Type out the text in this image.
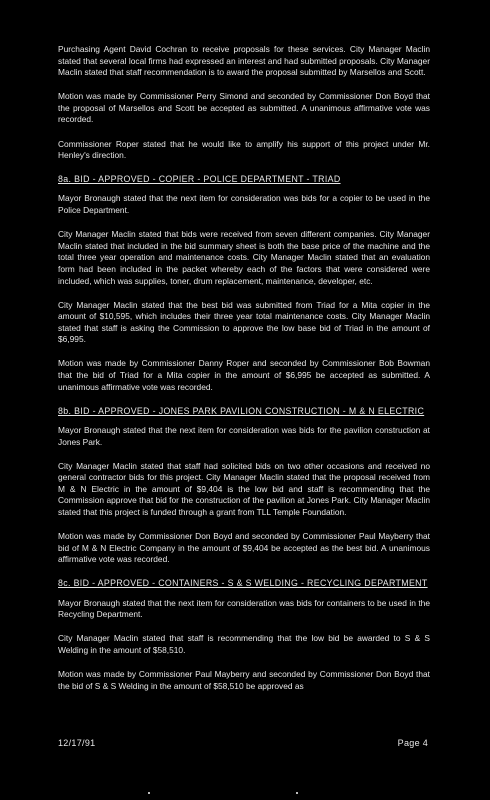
Purchasing Agent David Cochran to receive proposals for these services. City Manager Maclin stated that several local firms had expressed an interest and had submitted proposals. City Manager Maclin stated that staff recommendation is to award the proposal submitted by Marsellos and Scott.

Motion was made by Commissioner Perry Simond and seconded by Commissioner Don Boyd that the proposal of Marsellos and Scott be accepted as submitted. A unanimous affirmative vote was recorded.

Commissioner Roper stated that he would like to amplify his support of this project under Mr. Henley's direction.

8a. BID - APPROVED - COPIER - POLICE DEPARTMENT - TRIAD

Mayor Bronaugh stated that the next item for consideration was bids for a copier to be used in the Police Department.

City Manager Maclin stated that bids were received from seven different companies. City Manager Maclin stated that included in the bid summary sheet is both the base price of the machine and the total three year operation and maintenance costs. City Manager Maclin stated that an evaluation form had been included in the packet whereby each of the factors that were considered were included, which was supplies, toner, drum replacement, maintenance, developer, etc.

City Manager Maclin stated that the best bid was submitted from Triad for a Mita copier in the amount of $10,595, which includes their three year total maintenance costs. City Manager Maclin stated that staff is asking the Commission to approve the low base bid of Triad in the amount of $6,995.

Motion was made by Commissioner Danny Roper and seconded by Commissioner Bob Bowman that the bid of Triad for a Mita copier in the amount of $6,995 be accepted as submitted. A unanimous affirmative vote was recorded.

8b. BID - APPROVED - JONES PARK PAVILION CONSTRUCTION - M & N ELECTRIC

Mayor Bronaugh stated that the next item for consideration was bids for the pavilion construction at Jones Park.

City Manager Maclin stated that staff had solicited bids on two other occasions and received no general contractor bids for this project. City Manager Maclin stated that the proposal received from M & N Electric in the amount of $9,404 is the low bid and staff is recommending that the Commission approve that bid for the construction of the pavilion at Jones Park. City Manager Maclin stated that this project is funded through a grant from TLL Temple Foundation.

Motion was made by Commissioner Don Boyd and seconded by Commissioner Paul Mayberry that bid of M & N Electric Company in the amount of $9,404 be accepted as the best bid. A unanimous affirmative vote was recorded.

8c. BID - APPROVED - CONTAINERS - S & S WELDING - RECYCLING DEPARTMENT

Mayor Bronaugh stated that the next item for consideration was bids for containers to be used in the Recycling Department.

City Manager Maclin stated that staff is recommending that the low bid be awarded to S & S Welding in the amount of $58,510.

Motion was made by Commissioner Paul Mayberry and seconded by Commissioner Don Boyd that the bid of S & S Welding in the amount of $58,510 be approved as

12/17/91	Page 4
